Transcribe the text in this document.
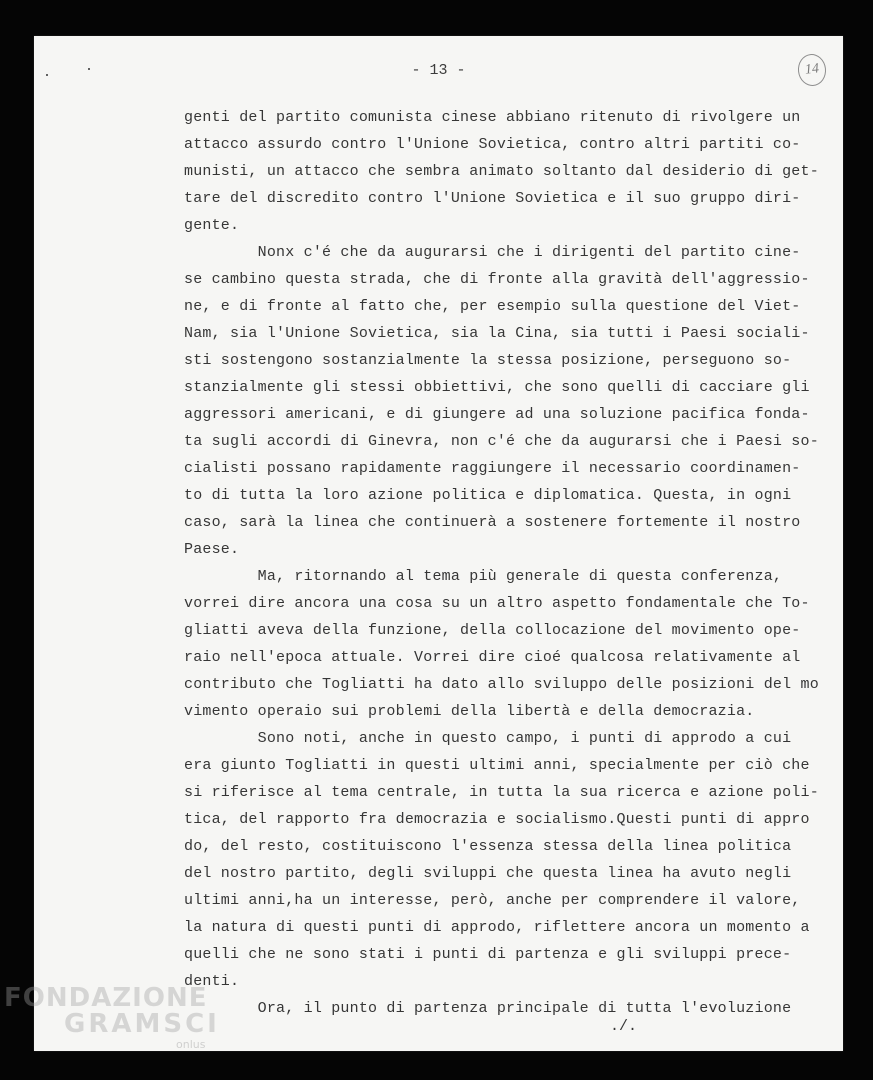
- 13 -	14
genti del partito comunista cinese abbiano ritenuto di rivolgere un
attacco assurdo contro l'Unione Sovietica, contro altri partiti co-
munisti, un attacco che sembra animato soltanto dal desiderio di get-
tare del discredito contro l'Unione Sovietica e il suo gruppo diri-
gente.
Nonx c'é che da augurarsi che i dirigenti del partito cine-
se cambino questa strada, che di fronte alla gravità dell'aggressio-
ne, e di fronte al fatto che, per esempio sulla questione del Viet-
Nam, sia l'Unione Sovietica, sia la Cina, sia tutti i Paesi sociali-
sti sostengono sostanzialmente la stessa posizione, perseguono so-
stanzialmente gli stessi obbiettivi, che sono quelli di cacciare gli
aggressori americani, e di giungere ad una soluzione pacifica fonda-
ta sugli accordi di Ginevra, non c'é che da augurarsi che i Paesi so-
cialisti possano rapidamente raggiungere il necessario coordinamen-
to di tutta la loro azione politica e diplomatica. Questa, in ogni
caso, sarà la linea che continuerà a sostenere fortemente il nostro
Paese.
Ma, ritornando al tema più generale di questa conferenza,
vorrei dire ancora una cosa su un altro aspetto fondamentale che To-
gliatti aveva della funzione, della collocazione del movimento ope-
raio nell'epoca attuale. Vorrei dire cioé qualcosa relativamente al
contributo che Togliatti ha dato allo sviluppo delle posizioni del mo
vimento operaio sui problemi della libertà e della democrazia.
Sono noti, anche in questo campo, i punti di approdo a cui
era giunto Togliatti in questi ultimi anni, specialmente per ciò che
si riferisce al tema centrale, in tutta la sua ricerca e azione poli-
tica, del rapporto fra democrazia e socialismo.Questi punti di appro
do, del resto, costituiscono l'essenza stessa della linea politica
del nostro partito, degli sviluppi che questa linea ha avuto negli
ultimi anni,ha un interesse, però, anche per comprendere il valore,
la natura di questi punti di approdo, riflettere ancora un momento a
quelli che ne sono stati i punti di partenza e gli sviluppi prece-
denti.
Ora, il punto di partenza principale di tutta l'evoluzione
./.
FONDAZIONE
GRAMSCI
onlus
